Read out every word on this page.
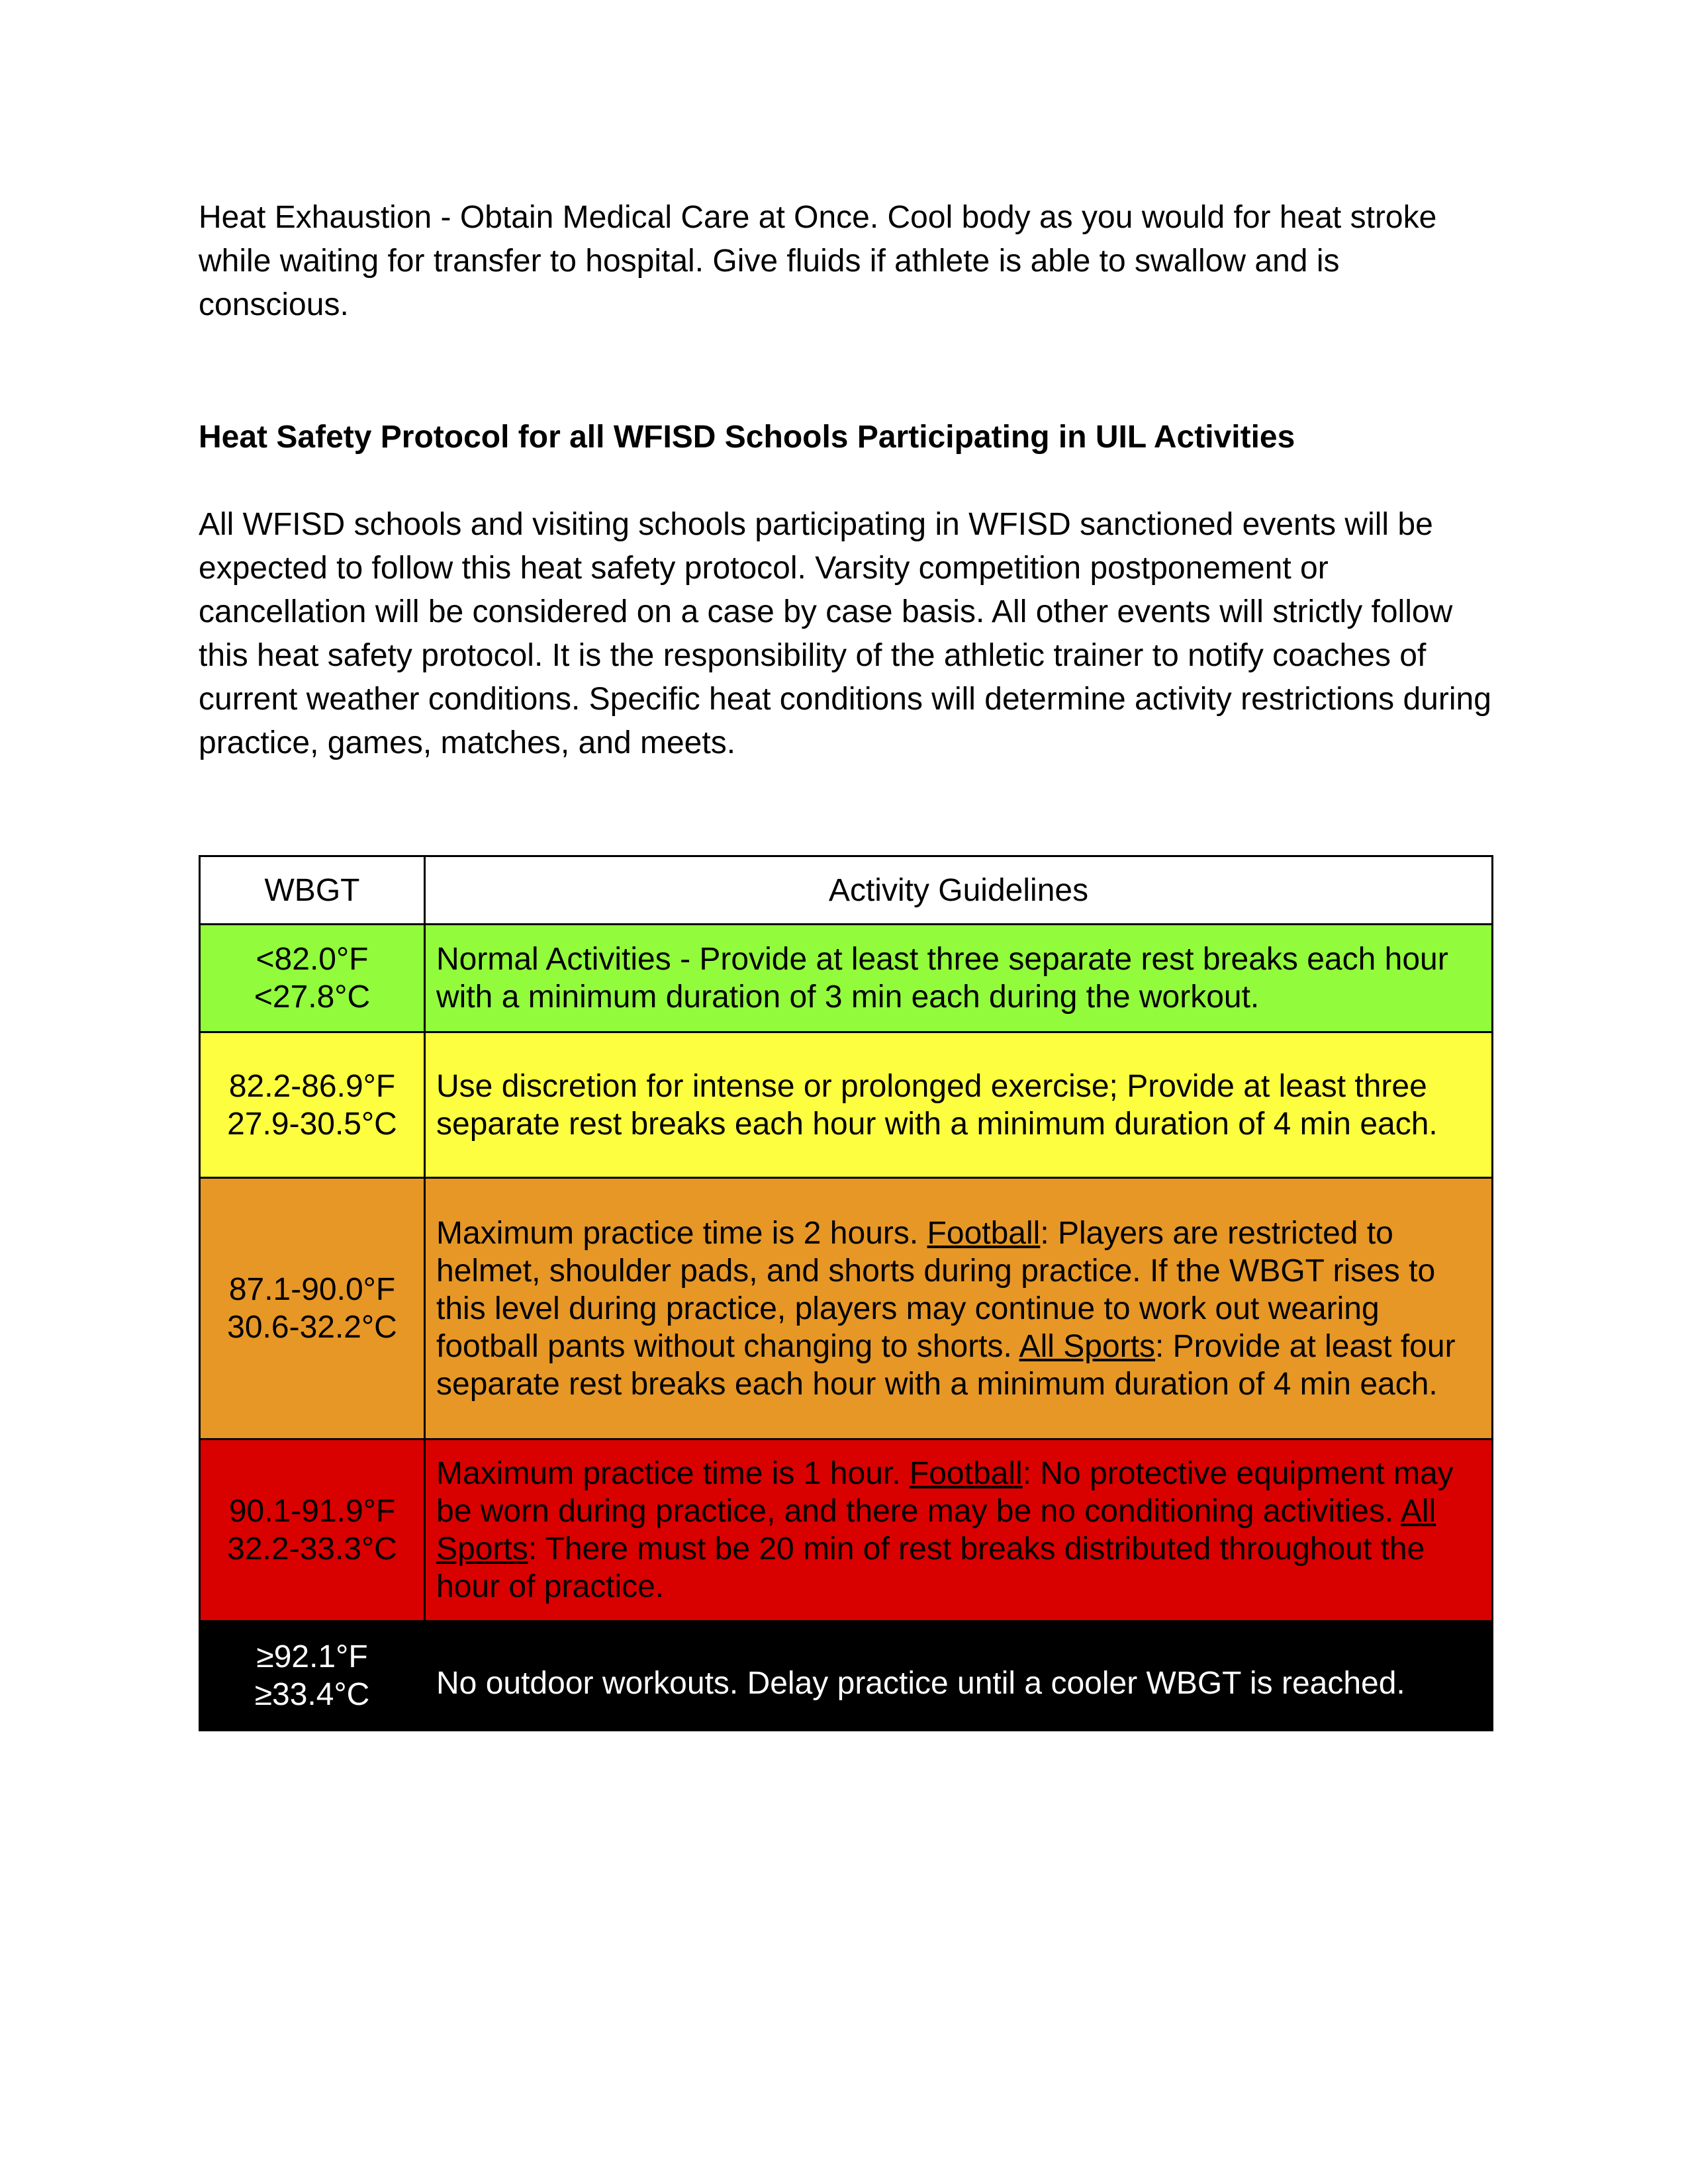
Heat Exhaustion - Obtain Medical Care at Once. Cool body as you would for heat stroke while waiting for transfer to hospital. Give fluids if athlete is able to swallow and is conscious.

Heat Safety Protocol for all WFISD Schools Participating in UIL Activities

All WFISD schools and visiting schools participating in WFISD sanctioned events will be expected to follow this heat safety protocol. Varsity competition postponement or cancellation will be considered on a case by case basis. All other events will strictly follow this heat safety protocol. It is the responsibility of the athletic trainer to notify coaches of current weather conditions. Specific heat conditions will determine activity restrictions during practice, games, matches, and meets.

WBGT	Activity Guidelines

<82.0°F
<27.8°C	Normal Activities - Provide at least three separate rest breaks each hour with a minimum duration of 3 min each during the workout.

82.2-86.9°F
27.9-30.5°C	Use discretion for intense or prolonged exercise; Provide at least three separate rest breaks each hour with a minimum duration of 4 min each.

87.1-90.0°F
30.6-32.2°C	Maximum practice time is 2 hours. Football: Players are restricted to helmet, shoulder pads, and shorts during practice. If the WBGT rises to this level during practice, players may continue to work out wearing football pants without changing to shorts. All Sports: Provide at least four separate rest breaks each hour with a minimum duration of 4 min each.

90.1-91.9°F
32.2-33.3°C	Maximum practice time is 1 hour. Football: No protective equipment may be worn during practice, and there may be no conditioning activities. All Sports: There must be 20 min of rest breaks distributed throughout the hour of practice.

≥92.1°F
≥33.4°C	No outdoor workouts. Delay practice until a cooler WBGT is reached.
